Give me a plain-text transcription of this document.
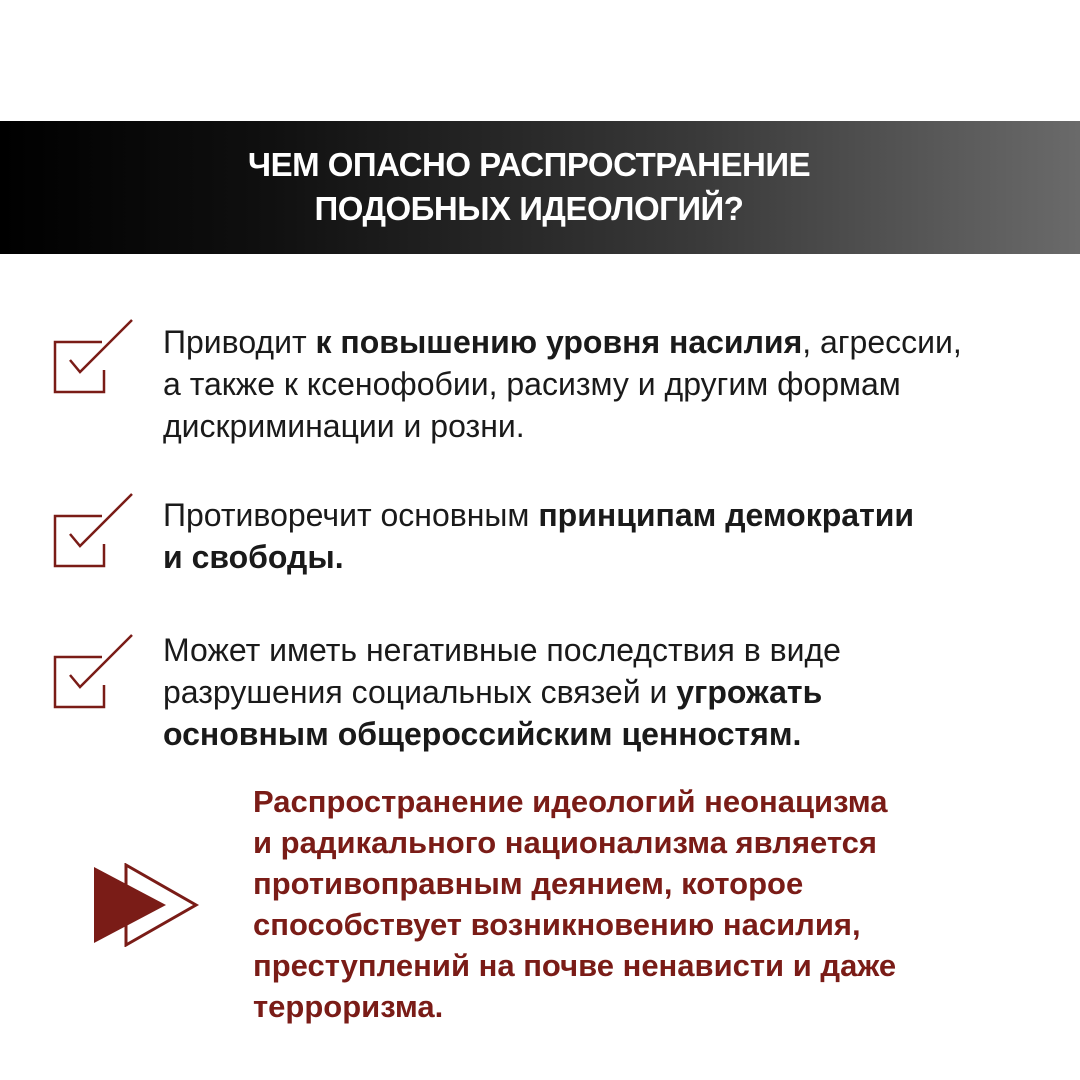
ЧЕМ ОПАСНО РАСПРОСТРАНЕНИЕ
ПОДОБНЫХ ИДЕОЛОГИЙ?
Приводит к повышению уровня насилия, агрессии,
а также к ксенофобии, расизму и другим формам
дискриминации и розни.
Противоречит основным принципам демократии
и свободы.
Может иметь негативные последствия в виде
разрушения социальных связей и угрожать
основным общероссийским ценностям.
Распространение идеологий неонацизма
и радикального национализма является
противоправным деянием, которое
способствует возникновению насилия,
преступлений на почве ненависти и даже
терроризма.
